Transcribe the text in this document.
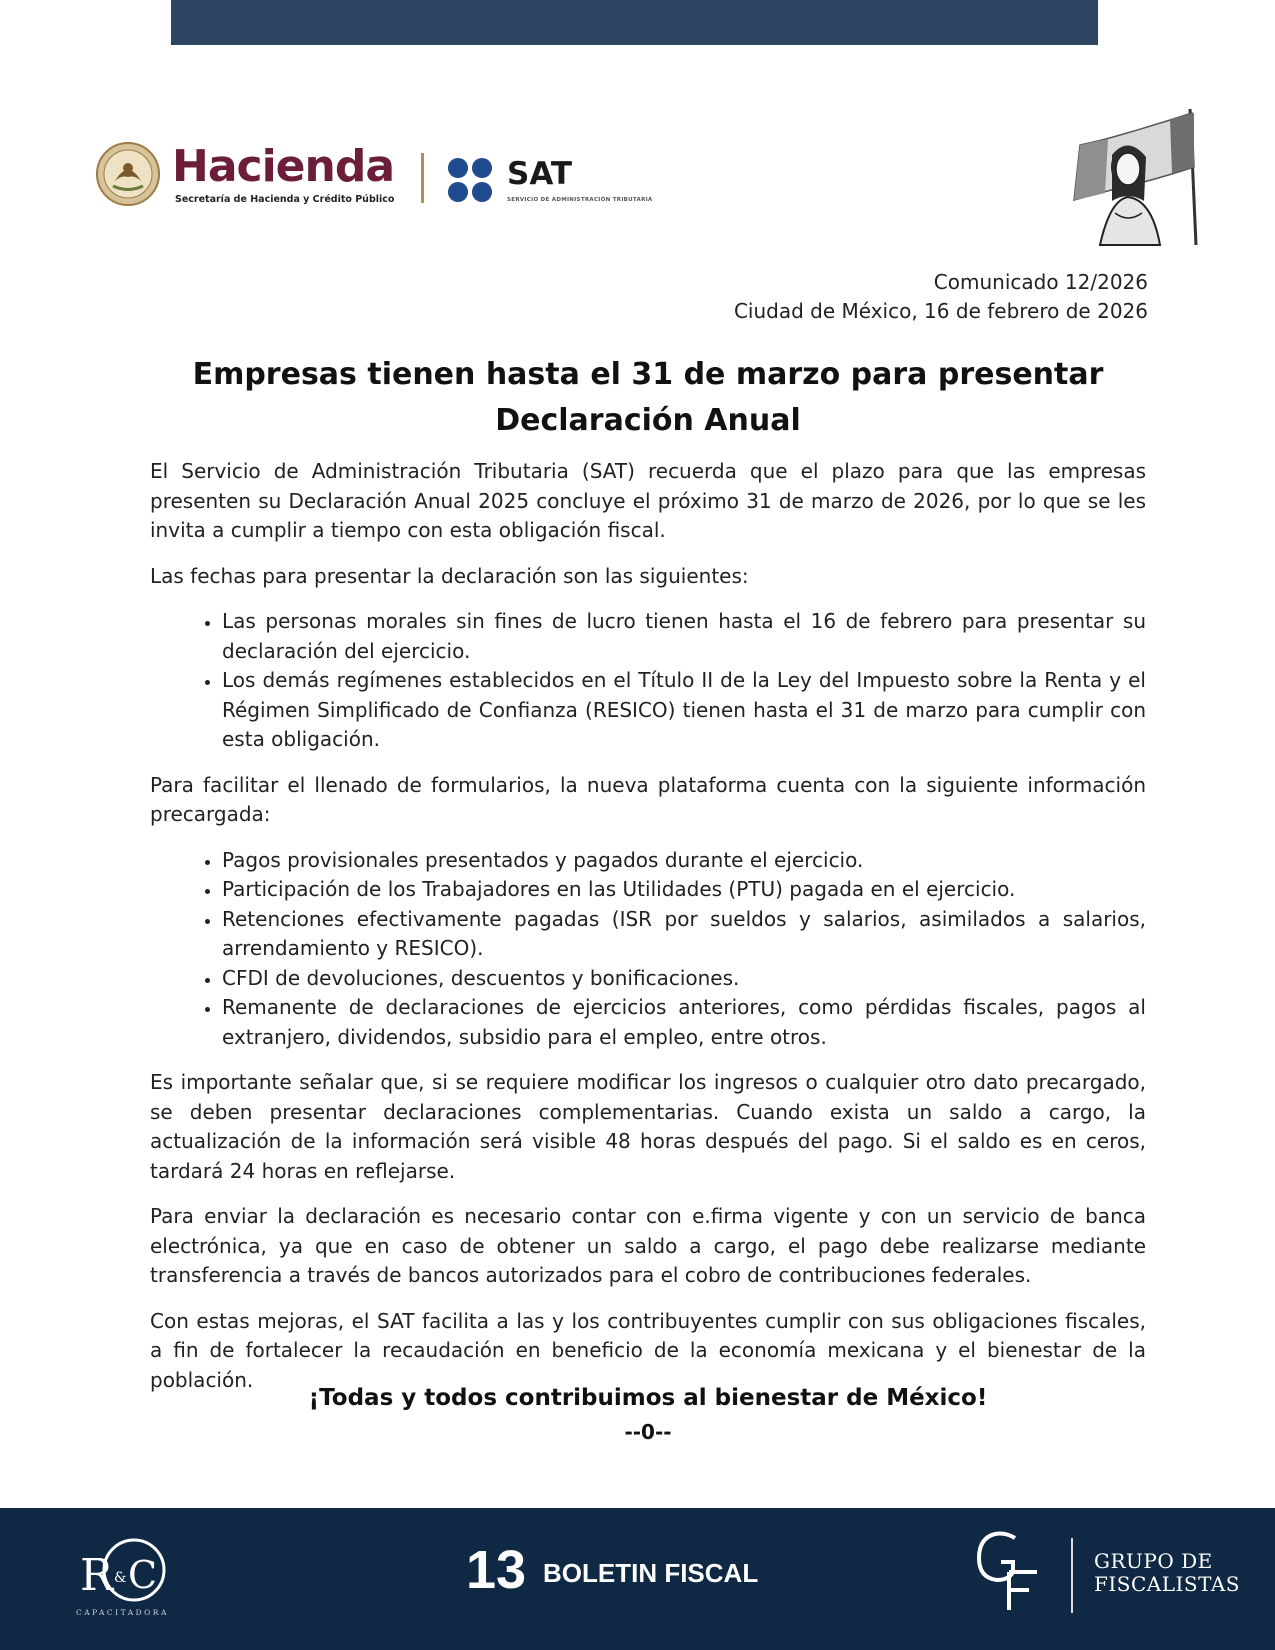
Hacienda
Secretaría de Hacienda y Crédito Público
SAT
SERVICIO DE ADMINISTRACIÓN TRIBUTARIA
Comunicado 12/2026
Ciudad de México, 16 de febrero de 2026
Empresas tienen hasta el 31 de marzo para presentar
Declaración Anual

El Servicio de Administración Tributaria (SAT) recuerda que el plazo para que las empresas presenten su Declaración Anual 2025 concluye el próximo 31 de marzo de 2026, por lo que se les invita a cumplir a tiempo con esta obligación fiscal.

Las fechas para presentar la declaración son las siguientes:

• Las personas morales sin fines de lucro tienen hasta el 16 de febrero para presentar su declaración del ejercicio.
• Los demás regímenes establecidos en el Título II de la Ley del Impuesto sobre la Renta y el Régimen Simplificado de Confianza (RESICO) tienen hasta el 31 de marzo para cumplir con esta obligación.

Para facilitar el llenado de formularios, la nueva plataforma cuenta con la siguiente información precargada:

• Pagos provisionales presentados y pagados durante el ejercicio.
• Participación de los Trabajadores en las Utilidades (PTU) pagada en el ejercicio.
• Retenciones efectivamente pagadas (ISR por sueldos y salarios, asimilados a salarios, arrendamiento y RESICO).
• CFDI de devoluciones, descuentos y bonificaciones.
• Remanente de declaraciones de ejercicios anteriores, como pérdidas fiscales, pagos al extranjero, dividendos, subsidio para el empleo, entre otros.

Es importante señalar que, si se requiere modificar los ingresos o cualquier otro dato precargado, se deben presentar declaraciones complementarias. Cuando exista un saldo a cargo, la actualización de la información será visible 48 horas después del pago. Si el saldo es en ceros, tardará 24 horas en reflejarse.

Para enviar la declaración es necesario contar con e.firma vigente y con un servicio de banca electrónica, ya que en caso de obtener un saldo a cargo, el pago debe realizarse mediante transferencia a través de bancos autorizados para el cobro de contribuciones federales.

Con estas mejoras, el SAT facilita a las y los contribuyentes cumplir con sus obligaciones fiscales, a fin de fortalecer la recaudación en beneficio de la economía mexicana y el bienestar de la población.

¡Todas y todos contribuimos al bienestar de México!
--0--
R & C
CAPACITADORA
13 BOLETIN FISCAL	GRUPO DE
FISCALISTAS
